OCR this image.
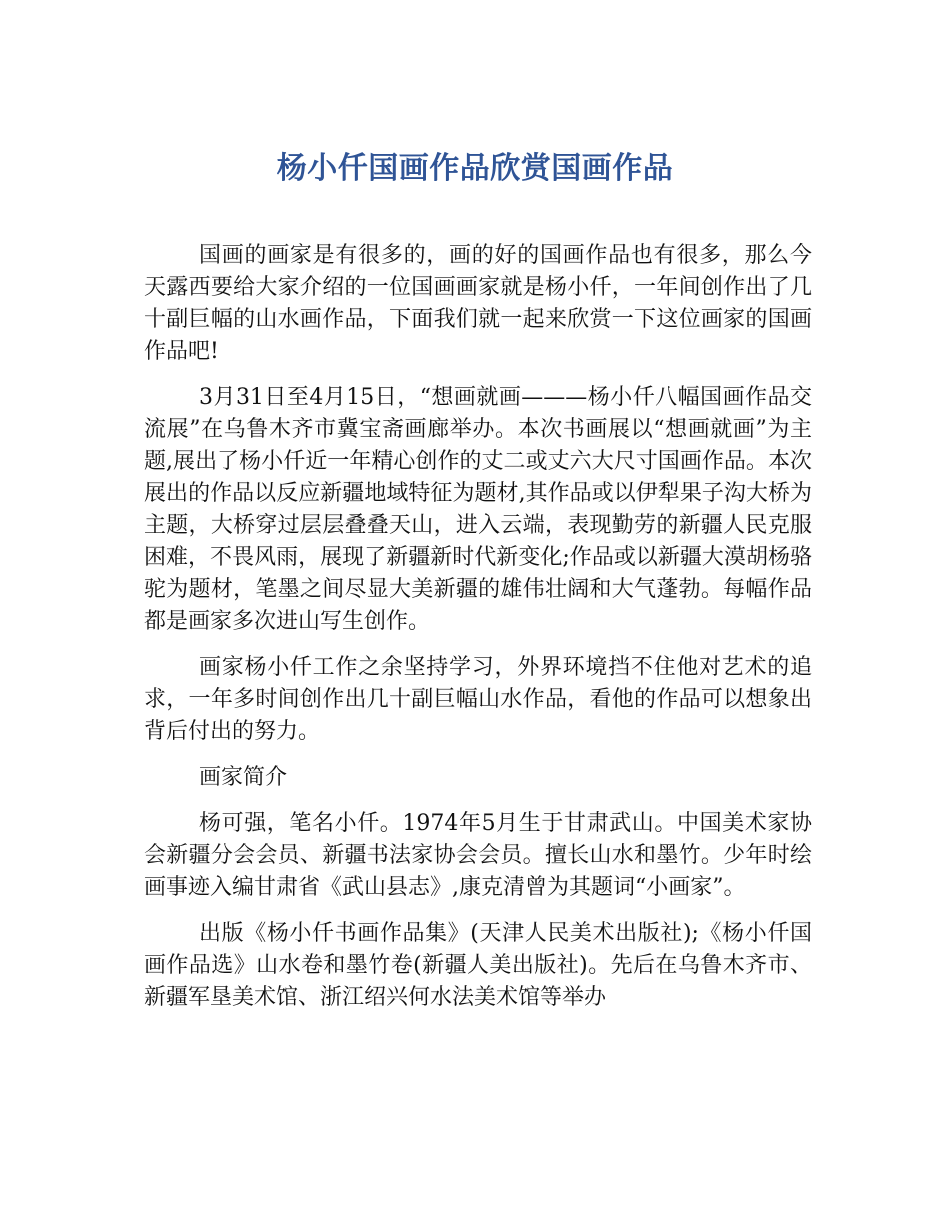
杨小仟国画作品欣赏国画作品

国画的画家是有很多的，画的好的国画作品也有很多，那么今天露西要给大家介绍的一位国画画家就是杨小仟，一年间创作出了几十副巨幅的山水画作品，下面我们就一起来欣赏一下这位画家的国画作品吧!

3月31日至4月15日，“想画就画———杨小仟八幅国画作品交流展”在乌鲁木齐市冀宝斋画廊举办。本次书画展以“想画就画”为主题,展出了杨小仟近一年精心创作的丈二或丈六大尺寸国画作品。本次展出的作品以反应新疆地域特征为题材,其作品或以伊犁果子沟大桥为主题，大桥穿过层层叠叠天山，进入云端，表现勤劳的新疆人民克服困难，不畏风雨，展现了新疆新时代新变化;作品或以新疆大漠胡杨骆驼为题材，笔墨之间尽显大美新疆的雄伟壮阔和大气蓬勃。每幅作品都是画家多次进山写生创作。

画家杨小仟工作之余坚持学习，外界环境挡不住他对艺术的追求，一年多时间创作出几十副巨幅山水作品，看他的作品可以想象出背后付出的努力。

画家简介

杨可强，笔名小仟。1974年5月生于甘肃武山。中国美术家协会新疆分会会员、新疆书法家协会会员。擅长山水和墨竹。少年时绘画事迹入编甘肃省《武山县志》,康克清曾为其题词“小画家”。

出版《杨小仟书画作品集》(天津人民美术出版社);《杨小仟国画作品选》山水卷和墨竹卷(新疆人美出版社)。先后在乌鲁木齐市、新疆军垦美术馆、浙江绍兴何水法美术馆等举办
